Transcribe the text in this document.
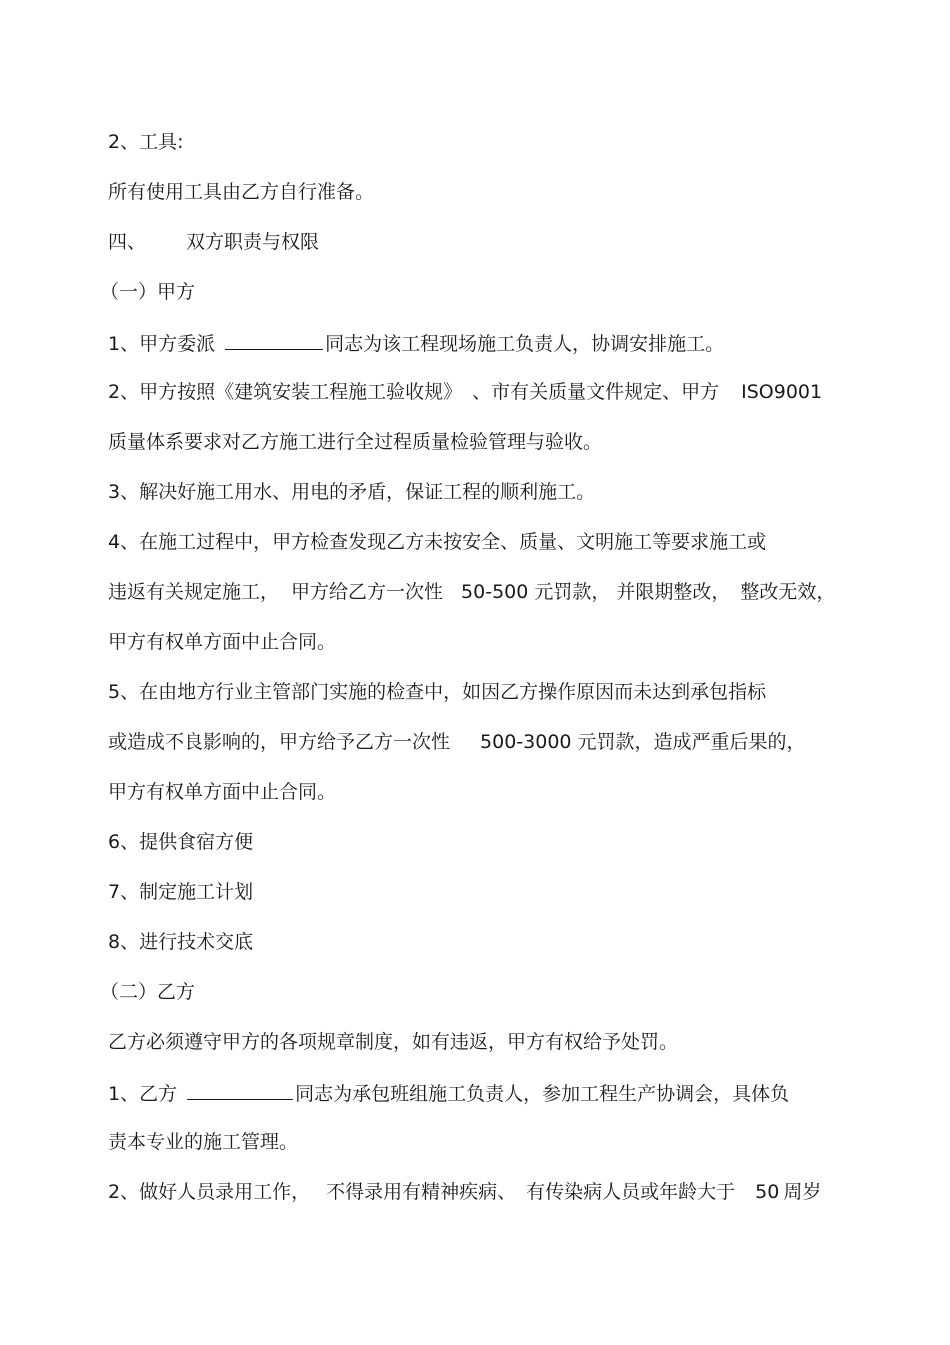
2、工具:
所有使用工具由乙方自行准备。
四、 双方职责与权限
（一）甲方
1、甲方委派	同志为该工程现场施工负责人，协调安排施工。
2、甲方按照《建筑安装工程施工验收规》 、市有关质量文件规定、甲方 ISO9001
质量体系要求对乙方施工进行全过程质量检验管理与验收。
3、解决好施工用水、用电的矛盾，保证工程的顺利施工。
4、在施工过程中，甲方检查发现乙方未按安全、质量、文明施工等要求施工或
违返有关规定施工， 甲方给乙方一次性 50-500 元罚款， 并限期整改， 整改无效，
甲方有权单方面中止合同。
5、在由地方行业主管部门实施的检查中，如因乙方操作原因而未达到承包指标
或造成不良影响的，甲方给予乙方一次性 500-3000 元罚款，造成严重后果的，
甲方有权单方面中止合同。
6、提供食宿方便
7、制定施工计划
8、进行技术交底
（二）乙方
乙方必须遵守甲方的各项规章制度，如有违返，甲方有权给予处罚。
1、乙方	同志为承包班组施工负责人，参加工程生产协调会，具体负
责本专业的施工管理。
2、做好人员录用工作， 不得录用有精神疾病、 有传染病人员或年龄大于 50 周岁
